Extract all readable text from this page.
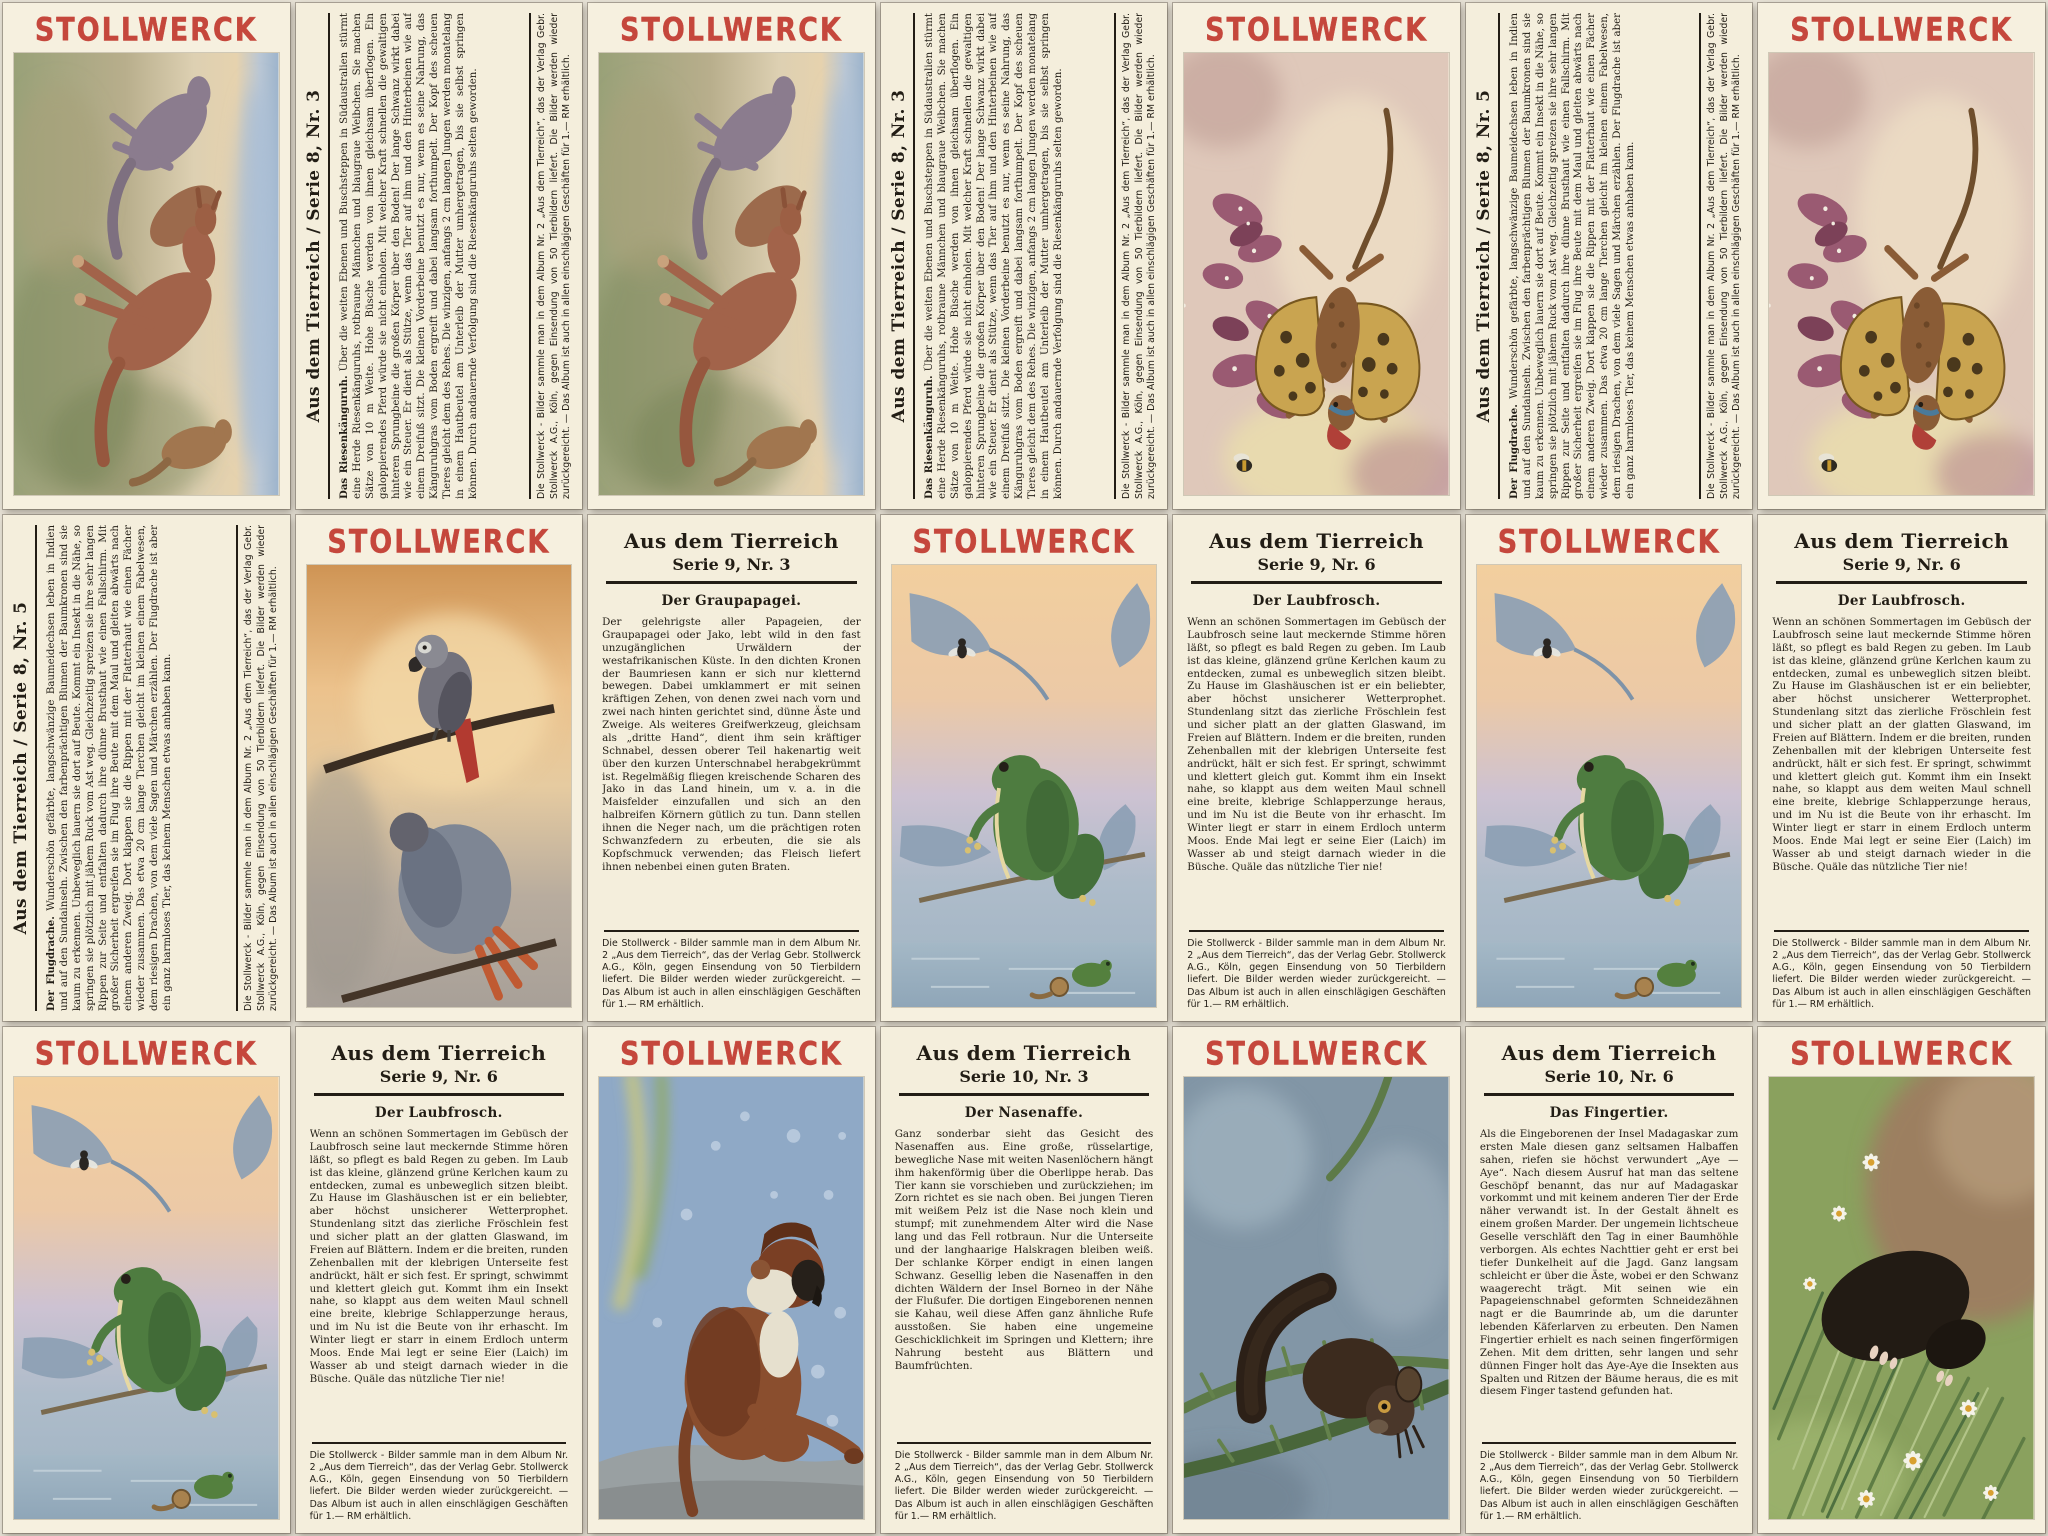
STOLLWERCK
Aus dem Tierreich / Serie 8, Nr. 3

Das Riesenkänguruh. Über die weiten Ebenen und Buschsteppen in Südaustralien stürmt eine Herde Riesenkänguruhs, rotbraune Männchen und blaugraue Weibchen. Sie machen Sätze von 10 m Weite. Hohe Büsche werden von ihnen gleichsam überflogen. Ein galoppierendes Pferd würde sie nicht einholen. Mit welcher Kraft schnellen die gewaltigen hinteren Sprungbeine die großen Körper über den Boden! Der lange Schwanz wirkt dabei wie ein Steuer. Er dient als Stütze, wenn das Tier auf ihm und den Hinterbeinen wie auf einem Dreifuß sitzt. Die kleinen Vorderbeine benutzt es nur, wenn es seine Nahrung, das Känguruhgras vom Boden ergreift und dabei langsam forthumpelt. Der Kopf des scheuen Tieres gleicht dem des Rehes. Die winzigen, anfangs 2 cm langen Jungen werden monatelang in einem Hautbeutel am Unterleib der Mutter umhergetragen, bis sie selbst springen können. Durch andauernde Verfolgung sind die Riesenkänguruhs selten geworden.	Die Stollwerck - Bilder sammle man in dem Album Nr. 2 „Aus dem Tierreich“, das der Verlag Gebr. Stollwerck A.G., Köln, gegen Einsendung von 50 Tierbildern liefert. Die Bilder werden wieder zurückgereicht. — Das Album ist auch in allen einschlägigen Geschäften für 1.— RM erhältlich.

STOLLWERCK
Aus dem Tierreich / Serie 8, Nr. 3

Das Riesenkänguruh. Über die weiten Ebenen und Buschsteppen in Südaustralien stürmt eine Herde Riesenkänguruhs, rotbraune Männchen und blaugraue Weibchen. Sie machen Sätze von 10 m Weite. Hohe Büsche werden von ihnen gleichsam überflogen. Ein galoppierendes Pferd würde sie nicht einholen. Mit welcher Kraft schnellen die gewaltigen hinteren Sprungbeine die großen Körper über den Boden! Der lange Schwanz wirkt dabei wie ein Steuer. Er dient als Stütze, wenn das Tier auf ihm und den Hinterbeinen wie auf einem Dreifuß sitzt. Die kleinen Vorderbeine benutzt es nur, wenn es seine Nahrung, das Känguruhgras vom Boden ergreift und dabei langsam forthumpelt. Der Kopf des scheuen Tieres gleicht dem des Rehes. Die winzigen, anfangs 2 cm langen Jungen werden monatelang in einem Hautbeutel am Unterleib der Mutter umhergetragen, bis sie selbst springen können. Durch andauernde Verfolgung sind die Riesenkänguruhs selten geworden.	Die Stollwerck - Bilder sammle man in dem Album Nr. 2 „Aus dem Tierreich“, das der Verlag Gebr. Stollwerck A.G., Köln, gegen Einsendung von 50 Tierbildern liefert. Die Bilder werden wieder zurückgereicht. — Das Album ist auch in allen einschlägigen Geschäften für 1.— RM erhältlich.

STOLLWERCK
Aus dem Tierreich / Serie 8, Nr. 5

Der Flugdrache. Wunderschön gefärbte, langschwänzige Baumeidechsen leben in Indien und auf den Sundainseln. Zwischen den farbenprächtigen Blumen der Baumkronen sind sie kaum zu erkennen. Unbeweglich lauern sie dort auf Beute. Kommt ein Insekt in die Nähe, so springen sie plötzlich mit jähem Ruck vom Ast weg. Gleichzeitig spreizen sie ihre sehr langen Rippen zur Seite und entfalten dadurch ihre dünne Brusthaut wie einen Fallschirm. Mit großer Sicherheit ergreifen sie im Flug ihre Beute mit dem Maul und gleiten abwärts nach einem anderen Zweig. Dort klappen sie die Rippen mit der Flatterhaut wie einen Fächer wieder zusammen. Das etwa 20 cm lange Tierchen gleicht im kleinen einem Fabelwesen, dem riesigen Drachen, von dem viele Sagen und Märchen erzählen. Der Flugdrache ist aber ein ganz harmloses Tier, das keinem Menschen etwas anhaben kann.	Die Stollwerck - Bilder sammle man in dem Album Nr. 2 „Aus dem Tierreich“, das der Verlag Gebr. Stollwerck A.G., Köln, gegen Einsendung von 50 Tierbildern liefert. Die Bilder werden wieder zurückgereicht. — Das Album ist auch in allen einschlägigen Geschäften für 1.— RM erhältlich.

STOLLWERCK
Aus dem Tierreich / Serie 8, Nr. 5

Der Flugdrache. Wunderschön gefärbte, langschwänzige Baumeidechsen leben in Indien und auf den Sundainseln. Zwischen den farbenprächtigen Blumen der Baumkronen sind sie kaum zu erkennen. Unbeweglich lauern sie dort auf Beute. Kommt ein Insekt in die Nähe, so springen sie plötzlich mit jähem Ruck vom Ast weg. Gleichzeitig spreizen sie ihre sehr langen Rippen zur Seite und entfalten dadurch ihre dünne Brusthaut wie einen Fallschirm. Mit großer Sicherheit ergreifen sie im Flug ihre Beute mit dem Maul und gleiten abwärts nach einem anderen Zweig. Dort klappen sie die Rippen mit der Flatterhaut wie einen Fächer wieder zusammen. Das etwa 20 cm lange Tierchen gleicht im kleinen einem Fabelwesen, dem riesigen Drachen, von dem viele Sagen und Märchen erzählen. Der Flugdrache ist aber ein ganz harmloses Tier, das keinem Menschen etwas anhaben kann.	Die Stollwerck - Bilder sammle man in dem Album Nr. 2 „Aus dem Tierreich“, das der Verlag Gebr. Stollwerck A.G., Köln, gegen Einsendung von 50 Tierbildern liefert. Die Bilder werden wieder zurückgereicht. — Das Album ist auch in allen einschlägigen Geschäften für 1.— RM erhältlich.

STOLLWERCK	Aus dem Tierreich
Serie 9, Nr. 3
Der Graupapagei.

Der gelehrigste aller Papageien, der Graupapagei oder Jako, lebt wild in den fast unzugänglichen Urwäldern der westafrikanischen Küste. In den dichten Kronen der Baumriesen kann er sich nur kletternd bewegen. Dabei umklammert er mit seinen kräftigen Zehen, von denen zwei nach vorn und zwei nach hinten gerichtet sind, dünne Äste und Zweige. Als weiteres Greifwerkzeug, gleichsam als „dritte Hand“, dient ihm sein kräftiger Schnabel, dessen oberer Teil hakenartig weit über den kurzen Unterschnabel herabgekrümmt ist. Regelmäßig fliegen kreischende Scharen des Jako in das Land hinein, um v. a. in die Maisfelder einzufallen und sich an den halbreifen Körnern gütlich zu tun. Dann stellen ihnen die Neger nach, um die prächtigen roten Schwanzfedern zu erbeuten, die sie als Kopfschmuck verwenden; das Fleisch liefert ihnen nebenbei einen guten Braten.

Die Stollwerck - Bilder sammle man in dem Album Nr. 2 „Aus dem Tierreich“, das der Verlag Gebr. Stollwerck A.G., Köln, gegen Einsendung von 50 Tierbildern liefert. Die Bilder werden wieder zurückgereicht. — Das Album ist auch in allen einschlägigen Geschäften für 1.— RM erhältlich.

STOLLWERCK	Aus dem Tierreich
Serie 9, Nr. 6
Der Laubfrosch.

Wenn an schönen Sommertagen im Gebüsch der Laubfrosch seine laut meckernde Stimme hören läßt, so pflegt es bald Regen zu geben. Im Laub ist das kleine, glänzend grüne Kerlchen kaum zu entdecken, zumal es unbeweglich sitzen bleibt. Zu Hause im Glashäuschen ist er ein beliebter, aber höchst unsicherer Wetterprophet. Stundenlang sitzt das zierliche Fröschlein fest und sicher platt an der glatten Glaswand, im Freien auf Blättern. Indem er die breiten, runden Zehenballen mit der klebrigen Unterseite fest andrückt, hält er sich fest. Er springt, schwimmt und klettert gleich gut. Kommt ihm ein Insekt nahe, so klappt aus dem weiten Maul schnell eine breite, klebrige Schlapperzunge heraus, und im Nu ist die Beute von ihr erhascht. Im Winter liegt er starr in einem Erdloch unterm Moos. Ende Mai legt er seine Eier (Laich) im Wasser ab und steigt darnach wieder in die Büsche. Quäle das nützliche Tier nie!

Die Stollwerck - Bilder sammle man in dem Album Nr. 2 „Aus dem Tierreich“, das der Verlag Gebr. Stollwerck A.G., Köln, gegen Einsendung von 50 Tierbildern liefert. Die Bilder werden wieder zurückgereicht. — Das Album ist auch in allen einschlägigen Geschäften für 1.— RM erhältlich.

STOLLWERCK	Aus dem Tierreich
Serie 9, Nr. 6
Der Laubfrosch.

Wenn an schönen Sommertagen im Gebüsch der Laubfrosch seine laut meckernde Stimme hören läßt, so pflegt es bald Regen zu geben. Im Laub ist das kleine, glänzend grüne Kerlchen kaum zu entdecken, zumal es unbeweglich sitzen bleibt. Zu Hause im Glashäuschen ist er ein beliebter, aber höchst unsicherer Wetterprophet. Stundenlang sitzt das zierliche Fröschlein fest und sicher platt an der glatten Glaswand, im Freien auf Blättern. Indem er die breiten, runden Zehenballen mit der klebrigen Unterseite fest andrückt, hält er sich fest. Er springt, schwimmt und klettert gleich gut. Kommt ihm ein Insekt nahe, so klappt aus dem weiten Maul schnell eine breite, klebrige Schlapperzunge heraus, und im Nu ist die Beute von ihr erhascht. Im Winter liegt er starr in einem Erdloch unterm Moos. Ende Mai legt er seine Eier (Laich) im Wasser ab und steigt darnach wieder in die Büsche. Quäle das nützliche Tier nie!

Die Stollwerck - Bilder sammle man in dem Album Nr. 2 „Aus dem Tierreich“, das der Verlag Gebr. Stollwerck A.G., Köln, gegen Einsendung von 50 Tierbildern liefert. Die Bilder werden wieder zurückgereicht. — Das Album ist auch in allen einschlägigen Geschäften für 1.— RM erhältlich.

STOLLWERCK	Aus dem Tierreich
Serie 9, Nr. 6
Der Laubfrosch.

Wenn an schönen Sommertagen im Gebüsch der Laubfrosch seine laut meckernde Stimme hören läßt, so pflegt es bald Regen zu geben. Im Laub ist das kleine, glänzend grüne Kerlchen kaum zu entdecken, zumal es unbeweglich sitzen bleibt. Zu Hause im Glashäuschen ist er ein beliebter, aber höchst unsicherer Wetterprophet. Stundenlang sitzt das zierliche Fröschlein fest und sicher platt an der glatten Glaswand, im Freien auf Blättern. Indem er die breiten, runden Zehenballen mit der klebrigen Unterseite fest andrückt, hält er sich fest. Er springt, schwimmt und klettert gleich gut. Kommt ihm ein Insekt nahe, so klappt aus dem weiten Maul schnell eine breite, klebrige Schlapperzunge heraus, und im Nu ist die Beute von ihr erhascht. Im Winter liegt er starr in einem Erdloch unterm Moos. Ende Mai legt er seine Eier (Laich) im Wasser ab und steigt darnach wieder in die Büsche. Quäle das nützliche Tier nie!

Die Stollwerck - Bilder sammle man in dem Album Nr. 2 „Aus dem Tierreich“, das der Verlag Gebr. Stollwerck A.G., Köln, gegen Einsendung von 50 Tierbildern liefert. Die Bilder werden wieder zurückgereicht. — Das Album ist auch in allen einschlägigen Geschäften für 1.— RM erhältlich.

STOLLWERCK	Aus dem Tierreich
Serie 10, Nr. 3
Der Nasenaffe.

Ganz sonderbar sieht das Gesicht des Nasenaffen aus. Eine große, rüsselartige, bewegliche Nase mit weiten Nasenlöchern hängt ihm hakenförmig über die Oberlippe herab. Das Tier kann sie vorschieben und zurückziehen; im Zorn richtet es sie nach oben. Bei jungen Tieren mit weißem Pelz ist die Nase noch klein und stumpf; mit zunehmendem Alter wird die Nase lang und das Fell rotbraun. Nur die Unterseite und der langhaarige Halskragen bleiben weiß. Der schlanke Körper endigt in einen langen Schwanz. Gesellig leben die Nasenaffen in den dichten Wäldern der Insel Borneo in der Nähe der Flußufer. Die dortigen Eingeborenen nennen sie Kahau, weil diese Affen ganz ähnliche Rufe ausstoßen. Sie haben eine ungemeine Geschicklichkeit im Springen und Klettern; ihre Nahrung besteht aus Blättern und Baumfrüchten.

Die Stollwerck - Bilder sammle man in dem Album Nr. 2 „Aus dem Tierreich“, das der Verlag Gebr. Stollwerck A.G., Köln, gegen Einsendung von 50 Tierbildern liefert. Die Bilder werden wieder zurückgereicht. — Das Album ist auch in allen einschlägigen Geschäften für 1.— RM erhältlich.

STOLLWERCK	Aus dem Tierreich
Serie 10, Nr. 6
Das Fingertier.

Als die Eingeborenen der Insel Madagaskar zum ersten Male diesen ganz seltsamen Halbaffen sahen, riefen sie höchst verwundert „Aye — Aye“. Nach diesem Ausruf hat man das seltene Geschöpf benannt, das nur auf Madagaskar vorkommt und mit keinem anderen Tier der Erde näher verwandt ist. In der Gestalt ähnelt es einem großen Marder. Der ungemein lichtscheue Geselle verschläft den Tag in einer Baumhöhle verborgen. Als echtes Nachttier geht er erst bei tiefer Dunkelheit auf die Jagd. Ganz langsam schleicht er über die Äste, wobei er den Schwanz waagerecht trägt. Mit seinen wie ein Papageienschnabel geformten Schneidezähnen nagt er die Baumrinde ab, um die darunter lebenden Käferlarven zu erbeuten. Den Namen Fingertier erhielt es nach seinen fingerförmigen Zehen. Mit dem dritten, sehr langen und sehr dünnen Finger holt das Aye-Aye die Insekten aus Spalten und Ritzen der Bäume heraus, die es mit diesem Finger tastend gefunden hat.

Die Stollwerck - Bilder sammle man in dem Album Nr. 2 „Aus dem Tierreich“, das der Verlag Gebr. Stollwerck A.G., Köln, gegen Einsendung von 50 Tierbildern liefert. Die Bilder werden wieder zurückgereicht. — Das Album ist auch in allen einschlägigen Geschäften für 1.— RM erhältlich.

STOLLWERCK
